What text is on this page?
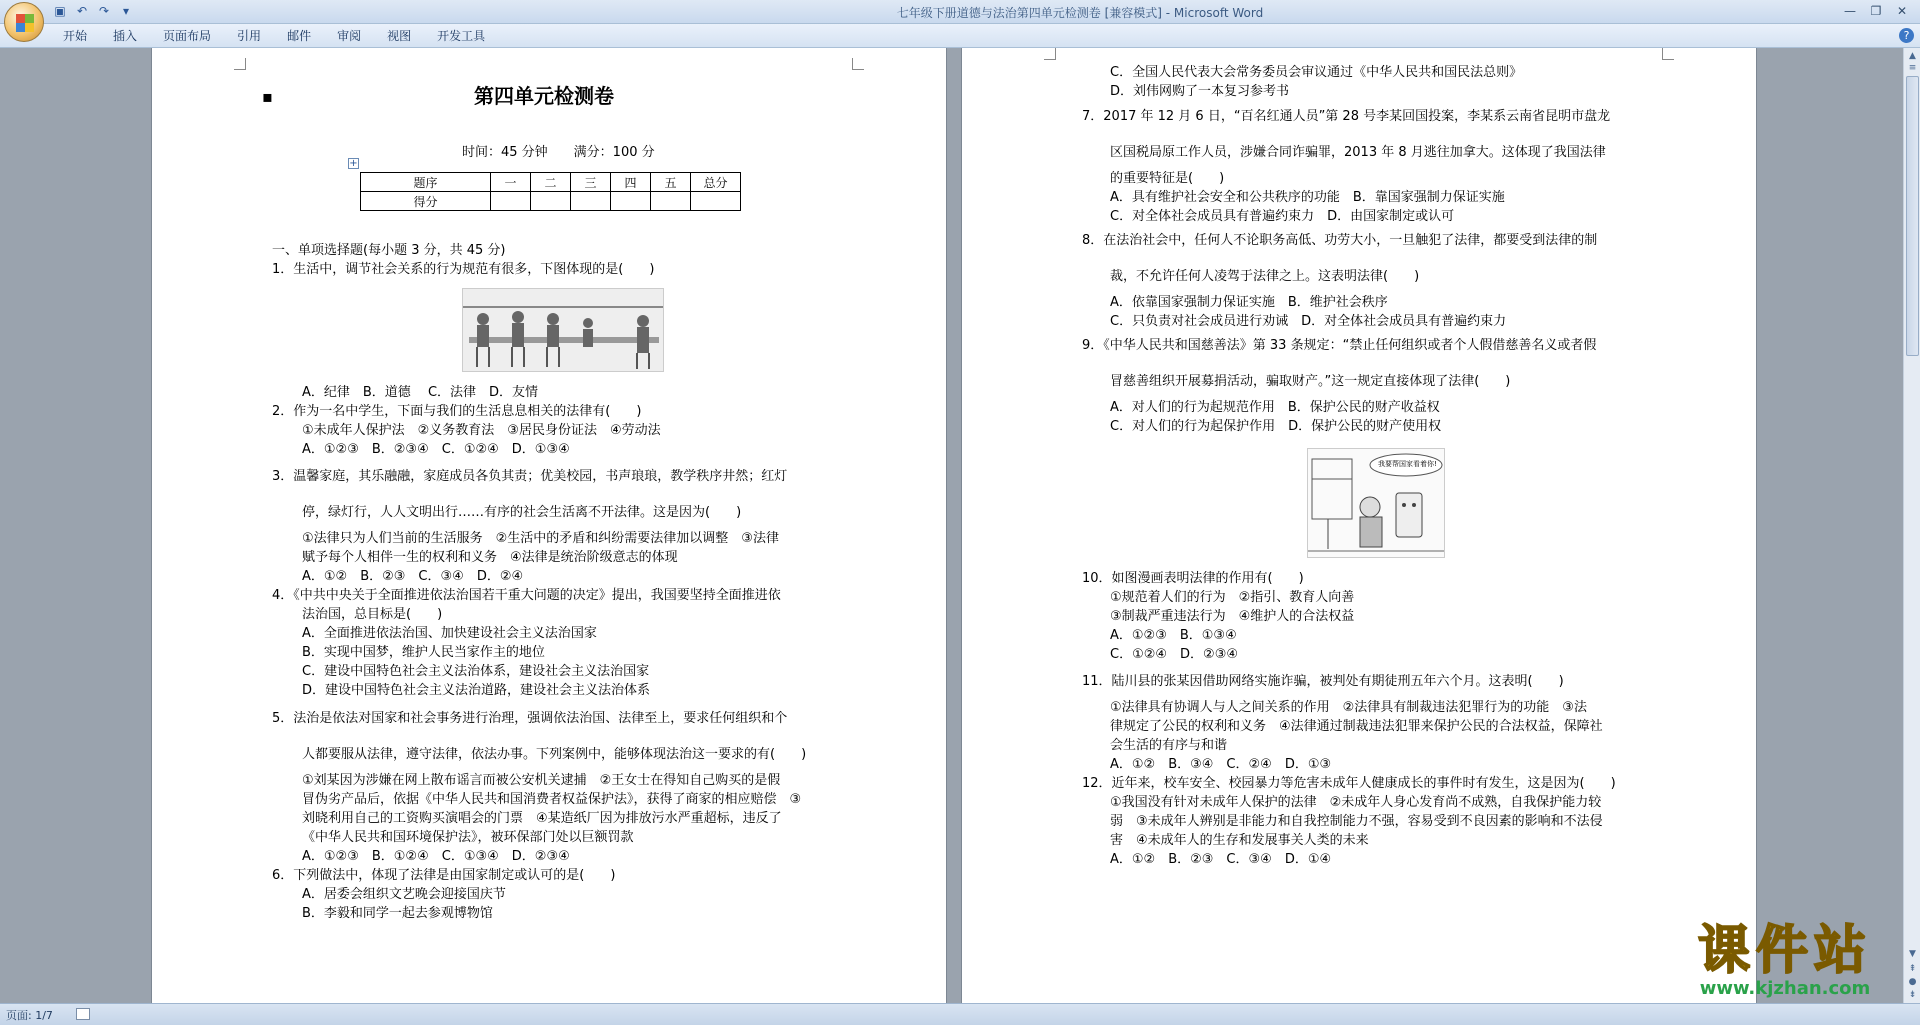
▣ ↶ ↷	▾	七年级下册道德与法治第四单元检测卷 [兼容模式] - Microsoft Word	—	❐	✕
开始	插入	页面布局	引用	邮件	审阅	视图	开发工具	?
▪	第四单元检测卷
时间：45 分钟　　满分：100 分
+
题序	一	二	三	四	五	总分
得分						
一、单项选择题(每小题 3 分，共 45 分)
1．生活中，调节社会关系的行为规范有很多，下图体现的是(　　)
A．纪律　B．道德　 C．法律　D．友情
2．作为一名中学生，下面与我们的生活息息相关的法律有(　　)
①未成年人保护法　②义务教育法　③居民身份证法　④劳动法
A．①②③　B．②③④　C．①②④　D．①③④
3．温馨家庭，其乐融融，家庭成员各负其责；优美校园，书声琅琅，教学秩序井然；红灯
停，绿灯行，人人文明出行……有序的社会生活离不开法律。这是因为(　　)
①法律只为人们当前的生活服务　②生活中的矛盾和纠纷需要法律加以调整　③法律
赋予每个人相伴一生的权利和义务　④法律是统治阶级意志的体现
A．①②　B．②③　C．③④　D．②④
4．《中共中央关于全面推进依法治国若干重大问题的决定》提出，我国要坚持全面推进依
法治国，总目标是(　　)
A．全面推进依法治国、加快建设社会主义法治国家
B．实现中国梦，维护人民当家作主的地位
C．建设中国特色社会主义法治体系，建设社会主义法治国家
D．建设中国特色社会主义法治道路，建设社会主义法治体系
5．法治是依法对国家和社会事务进行治理，强调依法治国、法律至上，要求任何组织和个
人都要服从法律，遵守法律，依法办事。下列案例中，能够体现法治这一要求的有(　　)
①刘某因为涉嫌在网上散布谣言而被公安机关逮捕　②王女士在得知自己购买的是假
冒伪劣产品后，依据《中华人民共和国消费者权益保护法》，获得了商家的相应赔偿　③
刘晓利用自己的工资购买演唱会的门票　④某造纸厂因为排放污水严重超标，违反了
《中华人民共和国环境保护法》，被环保部门处以巨额罚款
A．①②③　B．①②④　C．①③④　D．②③④
6．下列做法中，体现了法律是由国家制定或认可的是(　　)
A．居委会组织文艺晚会迎接国庆节
B．李毅和同学一起去参观博物馆
C．全国人民代表大会常务委员会审议通过《中华人民共和国民法总则》
D．刘伟网购了一本复习参考书
7．2017 年 12 月 6 日，“百名红通人员”第 28 号李某回国投案，李某系云南省昆明市盘龙
区国税局原工作人员，涉嫌合同诈骗罪，2013 年 8 月逃往加拿大。这体现了我国法律
的重要特征是(　　)
A．具有维护社会安全和公共秩序的功能　B．靠国家强制力保证实施
C．对全体社会成员具有普遍约束力　D．由国家制定或认可
8．在法治社会中，任何人不论职务高低、功劳大小，一旦触犯了法律，都要受到法律的制
裁，不允许任何人凌驾于法律之上。这表明法律(　　)
A．依靠国家强制力保证实施　B．维护社会秩序
C．只负责对社会成员进行劝诫　D．对全体社会成员具有普遍约束力
9．《中华人民共和国慈善法》第 33 条规定：“禁止任何组织或者个人假借慈善名义或者假
冒慈善组织开展募捐活动，骗取财产。”这一规定直接体现了法律(　　)
A．对人们的行为起规范作用　B．保护公民的财产收益权
C．对人们的行为起保护作用　D．保护公民的财产使用权
我要帮国家看着你!
10．如图漫画表明法律的作用有(　　)
①规范着人们的行为　②指引、教育人向善
③制裁严重违法行为　④维护人的合法权益
A．①②③　B．①③④
C．①②④　D．②③④
11．陆川县的张某因借助网络实施诈骗，被判处有期徒刑五年六个月。这表明(　　)
①法律具有协调人与人之间关系的作用　②法律具有制裁违法犯罪行为的功能　③法
律规定了公民的权利和义务　④法律通过制裁违法犯罪来保护公民的合法权益，保障社
会生活的有序与和谐
A．①②　B．③④　C．②④　D．①③
12．近年来，校车安全、校园暴力等危害未成年人健康成长的事件时有发生，这是因为(　　)
①我国没有针对未成年人保护的法律　②未成年人身心发育尚不成熟，自我保护能力较
弱　③未成年人辨别是非能力和自我控制能力不强，容易受到不良因素的影响和不法侵
害　④未成年人的生存和发展事关人类的未来
A．①②　B．②③　C．③④　D．①④
▲
≡
▼
⇞
●
⇟
课件站
www.kjzhan.com
页面: 1/7
